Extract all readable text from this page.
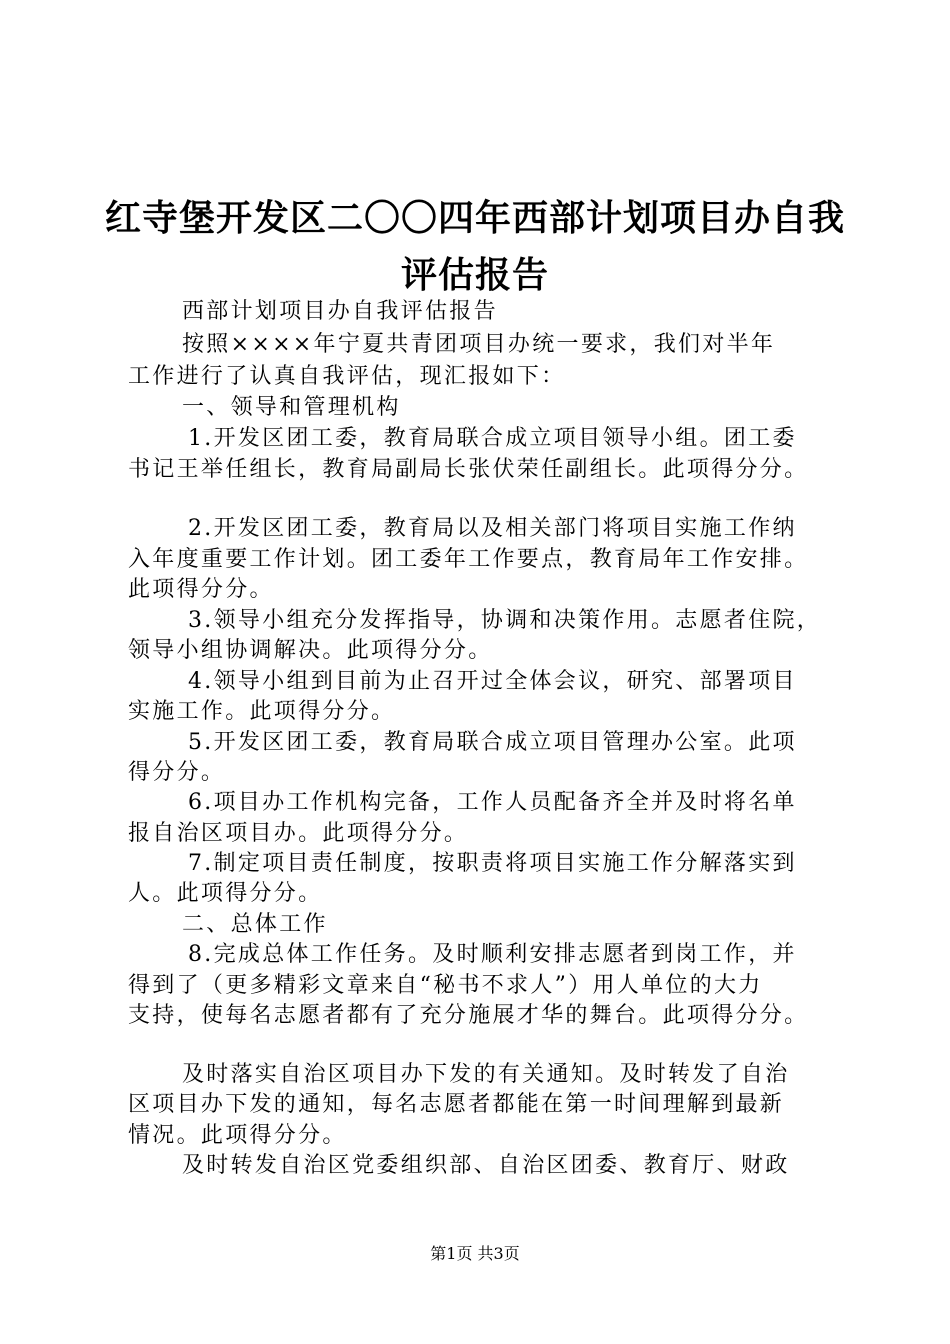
红寺堡开发区二〇〇四年西部计划项目办自我
评估报告
西部计划项目办自我评估报告
按照××××年宁夏共青团项目办统一要求，我们对半年
工作进行了认真自我评估，现汇报如下：
一、领导和管理机构
1.开发区团工委，教育局联合成立项目领导小组。团工委
书记王举任组长，教育局副局长张伏荣任副组长。此项得分分。
2.开发区团工委，教育局以及相关部门将项目实施工作纳
入年度重要工作计划。团工委年工作要点，教育局年工作安排。
此项得分分。
3.领导小组充分发挥指导，协调和决策作用。志愿者住院，
领导小组协调解决。此项得分分。
4.领导小组到目前为止召开过全体会议，研究、部署项目
实施工作。此项得分分。
5.开发区团工委，教育局联合成立项目管理办公室。此项
得分分。
6.项目办工作机构完备，工作人员配备齐全并及时将名单
报自治区项目办。此项得分分。
7.制定项目责任制度，按职责将项目实施工作分解落实到
人。此项得分分。
二、总体工作
8.完成总体工作任务。及时顺利安排志愿者到岗工作，并
得到了（更多精彩文章来自“秘书不求人”）用人单位的大力
支持，使每名志愿者都有了充分施展才华的舞台。此项得分分。
及时落实自治区项目办下发的有关通知。及时转发了自治
区项目办下发的通知，每名志愿者都能在第一时间理解到最新
情况。此项得分分。
及时转发自治区党委组织部、自治区团委、教育厅、财政
第1页 共3页
